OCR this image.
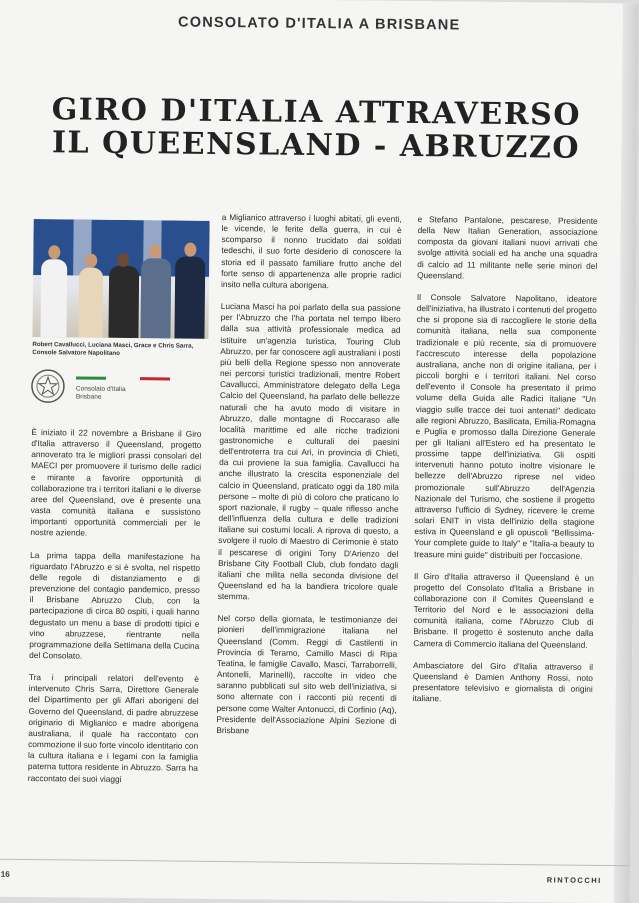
CONSOLATO D'ITALIA A BRISBANE
GIRO D'ITALIA ATTRAVERSO
IL QUEENSLAND - ABRUZZO
Robert Cavallucci, Luciana Masci, Grace e Chris Sarra, Console Salvatore Napolitano
Consolato d'Italia
Brisbane

È iniziato il 22 novembre a Brisbane il Giro d'Italia attraverso il Queensland, progetto annoverato tra le migliori prassi consolari del MAECI per promuovere il turismo delle radici e mirante a favorire opportunità di collaborazione tra i territori italiani e le diverse aree del Queensland, ove è presente una vasta comunità italiana e sussistono importanti opportunità commerciali per le nostre aziende.

La prima tappa della manifestazione ha riguardato l'Abruzzo e si è svolta, nel rispetto delle regole di distanziamento e di prevenzione del contagio pandemico, presso il Brisbane Abruzzo Club, con la partecipazione di circa 80 ospiti, i quali hanno degustato un menu a base di prodotti tipici e vino abruzzese, rientrante nella programmazione della Settimana della Cucina del Consolato.

Tra i principali relatori dell'evento è intervenuto Chris Sarra, Direttore Generale del Dipartimento per gli Affari aborigeni del Governo del Queensland, di padre abruzzese originario di Miglianico e madre aborigena australiana, il quale ha raccontato con commozione il suo forte vincolo identitario con la cultura italiana e i legami con la famiglia paterna tuttora residente in Abruzzo. Sarra ha raccontato dei suoi viaggi

a Miglianico attraverso i luoghi abitati, gli eventi, le vicende, le ferite della guerra, in cui è scomparso il nonno trucidato dai soldati tedeschi, il suo forte desiderio di conoscere la storia ed il passato familiare frutto anche del forte senso di appartenenza alle proprie radici insito nella cultura aborigena.

Luciana Masci ha poi parlato della sua passione per l'Abruzzo che l'ha portata nel tempo libero dalla sua attività professionale medica ad istituire un'agenzia turistica, Touring Club Abruzzo, per far conoscere agli australiani i posti più belli della Regione spesso non annoverate nei percorsi turistici tradizionali, mentre Robert Cavallucci, Amministratore delegato della Lega Calcio del Queensland, ha parlato delle bellezze naturali che ha avuto modo di visitare in Abruzzo, dalle montagne di Roccaraso alle località marittime ed alle ricche tradizioni gastronomiche e culturali dei paesini dell'entroterra tra cui Ari, in provincia di Chieti, da cui proviene la sua famiglia. Cavallucci ha anche illustrato la crescita esponenziale del calcio in Queensland, praticato oggi da 180 mila persone – molte di più di coloro che praticano lo sport nazionale, il rugby – quale riflesso anche dell'influenza della cultura e delle tradizioni italiane sui costumi locali. A riprova di questo, a svolgere il ruolo di Maestro di Cerimonie è stato il pescarese di origini Tony D'Arienzo del Brisbane City Football Club, club fondato dagli italiani che milita nella seconda divisione del Queensland ed ha la bandiera tricolore quale stemma.

Nel corso della giornata, le testimonianze dei pionieri dell'immigrazione italiana nel Queensland (Comm. Reggi di Castilenti in Provincia di Teramo, Camillo Masci di Ripa Teatina, le famiglie Cavallo, Masci, Tarraborrelli, Antonelli, Marinelli), raccolte in video che saranno pubblicati sul sito web dell'iniziativa, si sono alternate con i racconti più recenti di persone come Walter Antonucci, di Corfinio (Aq), Presidente dell'Associazione Alpini Sezione di Brisbane

e Stefano Pantalone, pescarese, Presidente della New Italian Generation, associazione composta da giovani italiani nuovi arrivati che svolge attività sociali ed ha anche una squadra di calcio ad 11 militante nelle serie minori del Queensland.

Il Console Salvatore Napolitano, ideatore dell'iniziativa, ha illustrato i contenuti del progetto che si propone sia di raccogliere le storie della comunità italiana, nella sua componente tradizionale e più recente, sia di promuovere l'accrescuto interesse della popolazione australiana, anche non di origine italiana, per i piccoli borghi e i territori italiani. Nel corso dell'evento il Console ha presentato il primo volume della Guida alle Radici italiane "Un viaggio sulle tracce dei tuoi antenati" dedicato alle regioni Abruzzo, Basilicata, Emilia-Romagna e Puglia e promosso dalla Direzione Generale per gli Italiani all'Estero ed ha presentato le prossime tappe dell'iniziativa. Gli ospiti intervenuti hanno potuto inoltre visionare le bellezze dell'Abruzzo riprese nel video promozionale sull'Abruzzo dell'Agenzia Nazionale del Turismo, che sostiene il progetto attraverso l'ufficio di Sydney, ricevere le creme solari ENIT in vista dell'inizio della stagione estiva in Queensland e gli opuscoli "Bellissima-Your complete guide to Italy" e "Italia-a beauty to treasure mini guide" distribuiti per l'occasione.

Il Giro d'Italia attraverso il Queensland è un progetto del Consolato d'Italia a Brisbane in collaborazione con il Comites Queensland e Territorio del Nord e le associazioni della comunità italiana, come l'Abruzzo Club di Brisbane. Il progetto è sostenuto anche dalla Camera di Commercio italiana del Queensland.

Ambasciatore del Giro d'Italia attraverso il Queensland è Damien Anthony Rossi, noto presentatore televisivo e giornalista di origini italiane.

16
RINTOCCHI
